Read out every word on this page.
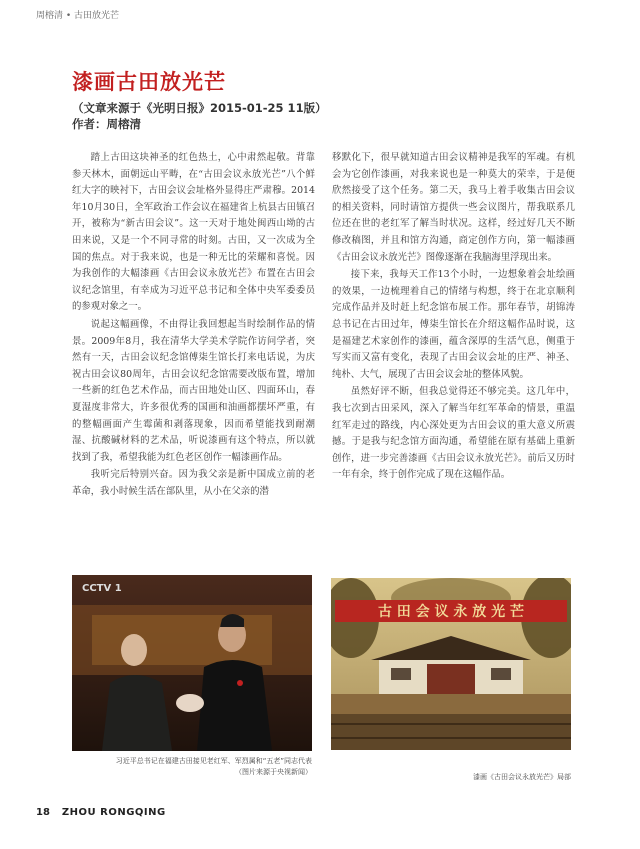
周榕清 • 古田放光芒
漆画古田放光芒
（文章来源于《光明日报》2015-01-25 11版）
作者：周榕清

踏上古田这块神圣的红色热土，心中肃然起敬。背靠参天林木，面朝远山平畴，在“古田会议永放光芒”八个鲜红大字的映衬下，古田会议会址格外显得庄严肃穆。2014年10月30日，全军政治工作会议在福建省上杭县古田镇召开，被称为“新古田会议”。这一天对于地处闽西山坳的古田来说，又是一个不同寻常的时刻。古田，又一次成为全国的焦点。对于我来说，也是一种无比的荣耀和喜悦。因为我创作的大幅漆画《古田会议永放光芒》布置在古田会议纪念馆里，有幸成为习近平总书记和全体中央军委委员的参观对象之一。

说起这幅画像，不由得让我回想起当时绘制作品的情景。2009年8月，我在清华大学美术学院作访问学者，突然有一天，古田会议纪念馆傅柒生馆长打来电话说，为庆祝古田会议80周年，古田会议纪念馆需要改版布置，增加一些新的红色艺术作品，而古田地处山区、四面环山，春夏湿度非常大，许多很优秀的国画和油画都摆坏严重，有的整幅画面产生霉菌和剥落现象，因而希望能找到耐潮湿、抗酸碱材料的艺术品，听说漆画有这个特点，所以就找到了我，希望我能为红色老区创作一幅漆画作品。

我听完后特别兴奋。因为我父亲是新中国成立前的老革命，我小时候生活在部队里，从小在父亲的潜

移默化下，很早就知道古田会议精神是我军的军魂。有机会为它创作漆画，对我来说也是一种莫大的荣幸，于是便欣然接受了这个任务。第二天，我马上着手收集古田会议的相关资料，同时请馆方提供一些会议图片，帮我联系几位还在世的老红军了解当时状况。这样，经过好几天不断修改稿图，并且和馆方沟通，商定创作方向，第一幅漆画《古田会议永放光芒》图像逐渐在我脑海里浮现出来。

接下来，我每天工作13个小时，一边想象着会址绘画的效果，一边梳理着自己的情绪与构想，终于在北京顺利完成作品并及时赶上纪念馆布展工作。那年春节，胡锦涛总书记在古田过年，傅柒生馆长在介绍这幅作品时说，这是福建艺术家创作的漆画，蕴含深厚的生活气息，侧重于写实而又富有变化，表现了古田会议会址的庄严、神圣、纯朴、大气，展现了古田会议会址的整体风貌。

虽然好评不断，但我总觉得还不够完美。这几年中，我七次到古田采风，深入了解当年红军革命的情景，重温红军走过的路线，内心深处更为古田会议的重大意义所震撼。于是我与纪念馆方面沟通，希望能在原有基础上重新创作，进一步完善漆画《古田会议永放光芒》。前后又历时一年有余，终于创作完成了现在这幅作品。

CCTV 1
古 田 会 议 永 放 光 芒
习近平总书记在福建古田接见老红军、军烈属和“五老”同志代表
（图片来源于央视新闻）
漆画《古田会议永放光芒》局部
18 ZHOU RONGQING
